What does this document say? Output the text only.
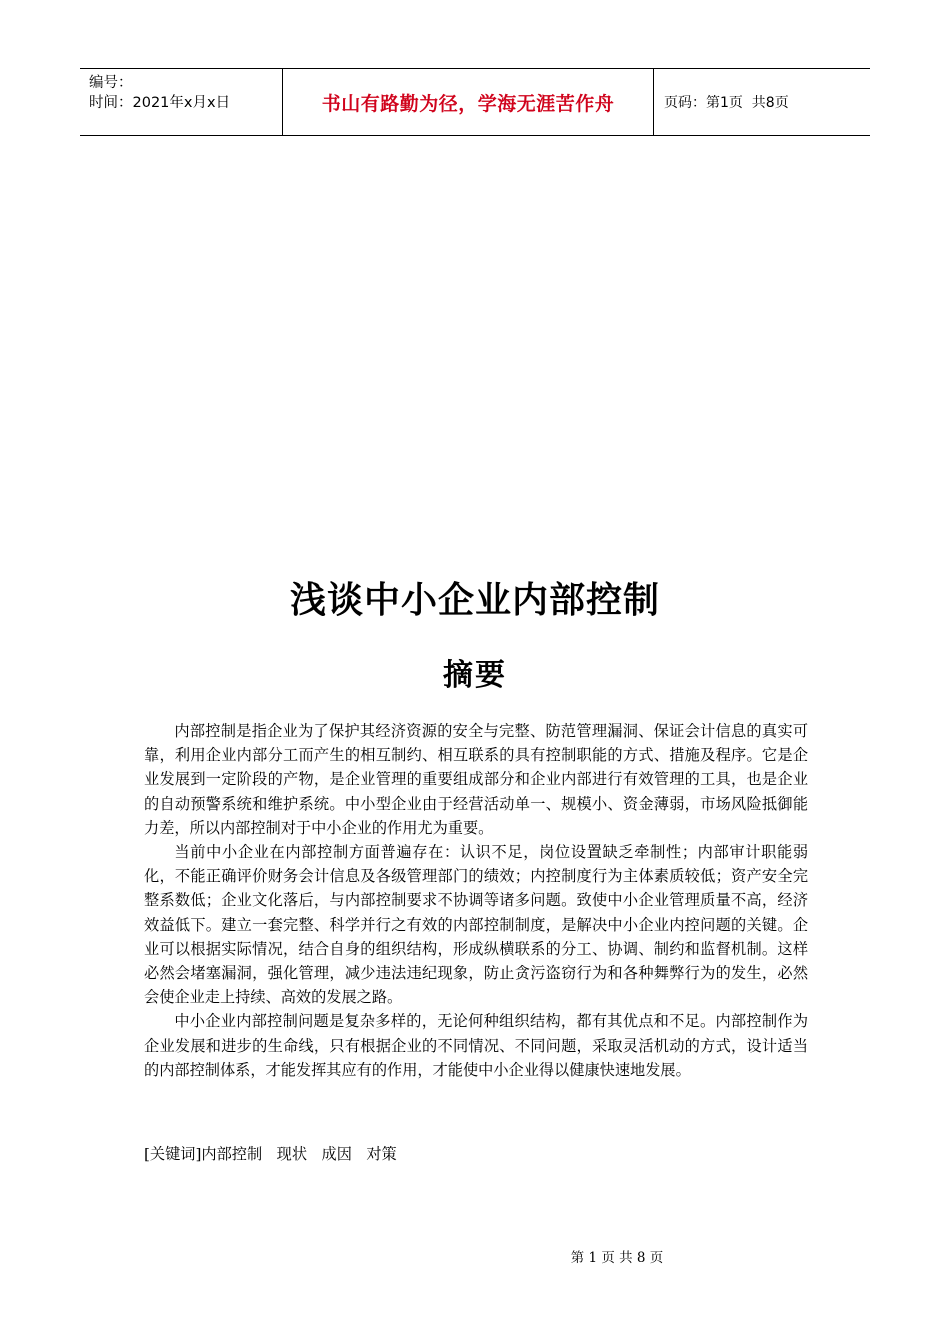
编号：
时间：2021年x月x日	书山有路勤为径，学海无涯苦作舟	页码：第1页  共8页
浅谈中小企业内部控制
摘要

内部控制是指企业为了保护其经济资源的安全与完整、防范管理漏洞、保证会计信息的真实可靠，利用企业内部分工而产生的相互制约、相互联系的具有控制职能的方式、措施及程序。它是企业发展到一定阶段的产物，是企业管理的重要组成部分和企业内部进行有效管理的工具，也是企业的自动预警系统和维护系统。中小型企业由于经营活动单一、规模小、资金薄弱，市场风险抵御能力差，所以内部控制对于中小企业的作用尤为重要。

当前中小企业在内部控制方面普遍存在：认识不足，岗位设置缺乏牵制性；内部审计职能弱化，不能正确评价财务会计信息及各级管理部门的绩效；内控制度行为主体素质较低；资产安全完整系数低；企业文化落后，与内部控制要求不协调等诸多问题。致使中小企业管理质量不高，经济效益低下。建立一套完整、科学并行之有效的内部控制制度，是解决中小企业内控问题的关键。企业可以根据实际情况，结合自身的组织结构，形成纵横联系的分工、协调、制约和监督机制。这样必然会堵塞漏洞，强化管理，减少违法违纪现象，防止贪污盗窃行为和各种舞弊行为的发生，必然会使企业走上持续、高效的发展之路。

中小企业内部控制问题是复杂多样的，无论何种组织结构，都有其优点和不足。内部控制作为企业发展和进步的生命线，只有根据企业的不同情况、不同问题，采取灵活机动的方式，设计适当的内部控制体系，才能发挥其应有的作用，才能使中小企业得以健康快速地发展。

[关键词]内部控制   现状   成因   对策
第 1 页 共 8 页
